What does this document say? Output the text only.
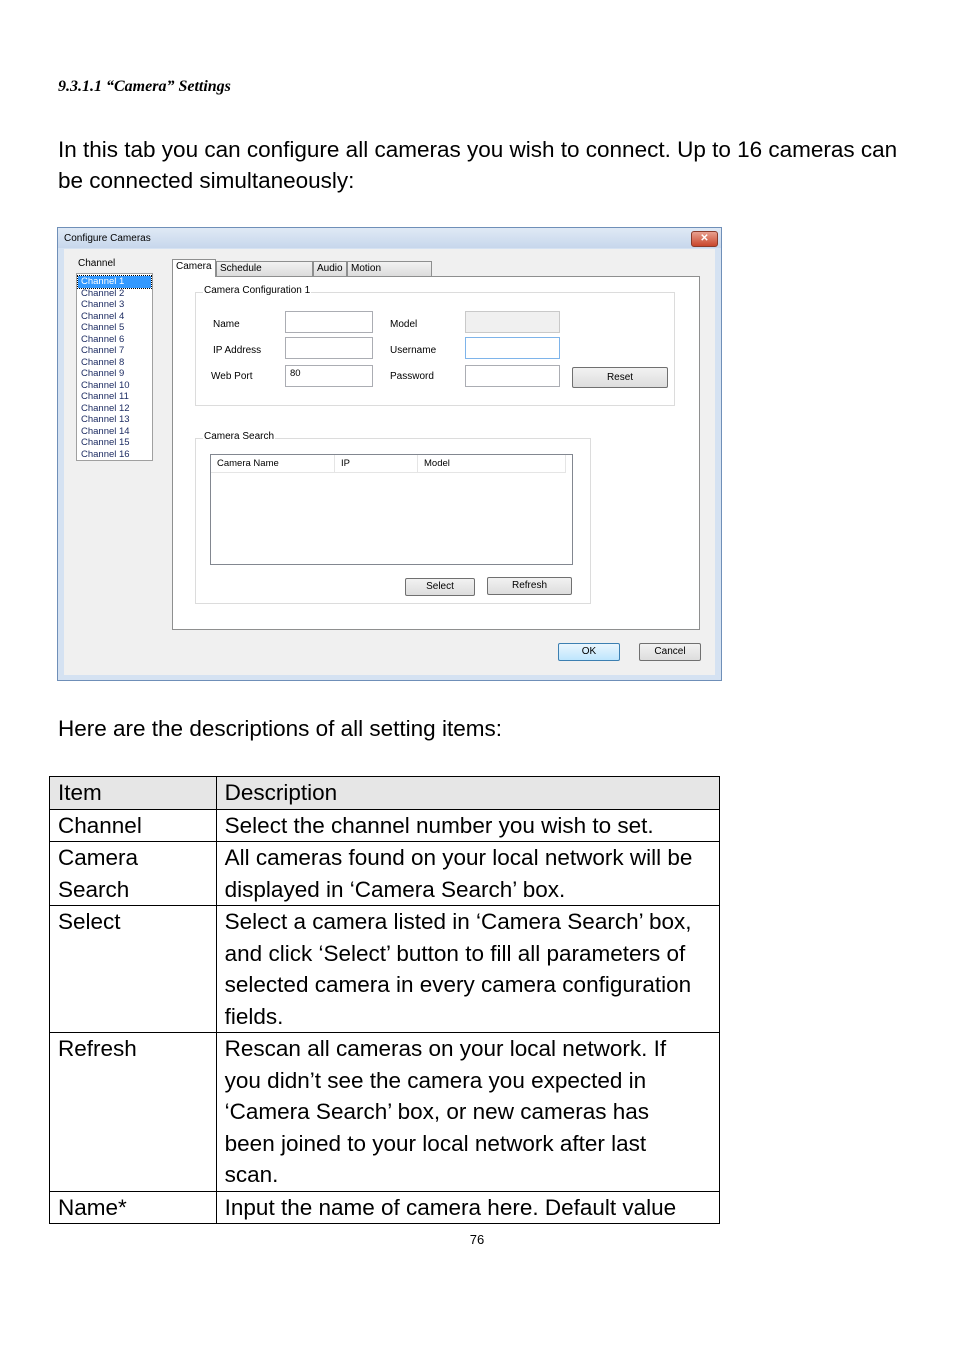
9.3.1.1 “Camera” Settings
In this tab you can configure all cameras you wish to connect. Up to 16 cameras can be connected simultaneously:
Configure Cameras	✕
Channel
Channel 1
Channel 2
Channel 3
Channel 4
Channel 5
Channel 6
Channel 7
Channel 8
Channel 9
Channel 10
Channel 11
Channel 12
Channel 13
Channel 14
Channel 15
Channel 16
Camera Schedule	Audio Motion
Camera Configuration 1
Name
IP Address
Web Port	80
Model
Username
Password	Reset
Camera Search
Camera Name	IP	Model
Select	Refresh
OK	Cancel
Here are the descriptions of all setting items:
Item	Description
Channel	Select the channel number you wish to set.
Camera Search	All cameras found on your local network will be displayed in ‘Camera Search’ box.
Select	Select a camera listed in ‘Camera Search’ box, and click ‘Select’ button to fill all parameters of selected camera in every camera configuration fields.
Refresh	Rescan all cameras on your local network. If you didn’t see the camera you expected in ‘Camera Search’ box, or new cameras has been joined to your local network after last scan.
Name*	Input the name of camera here. Default value
76
